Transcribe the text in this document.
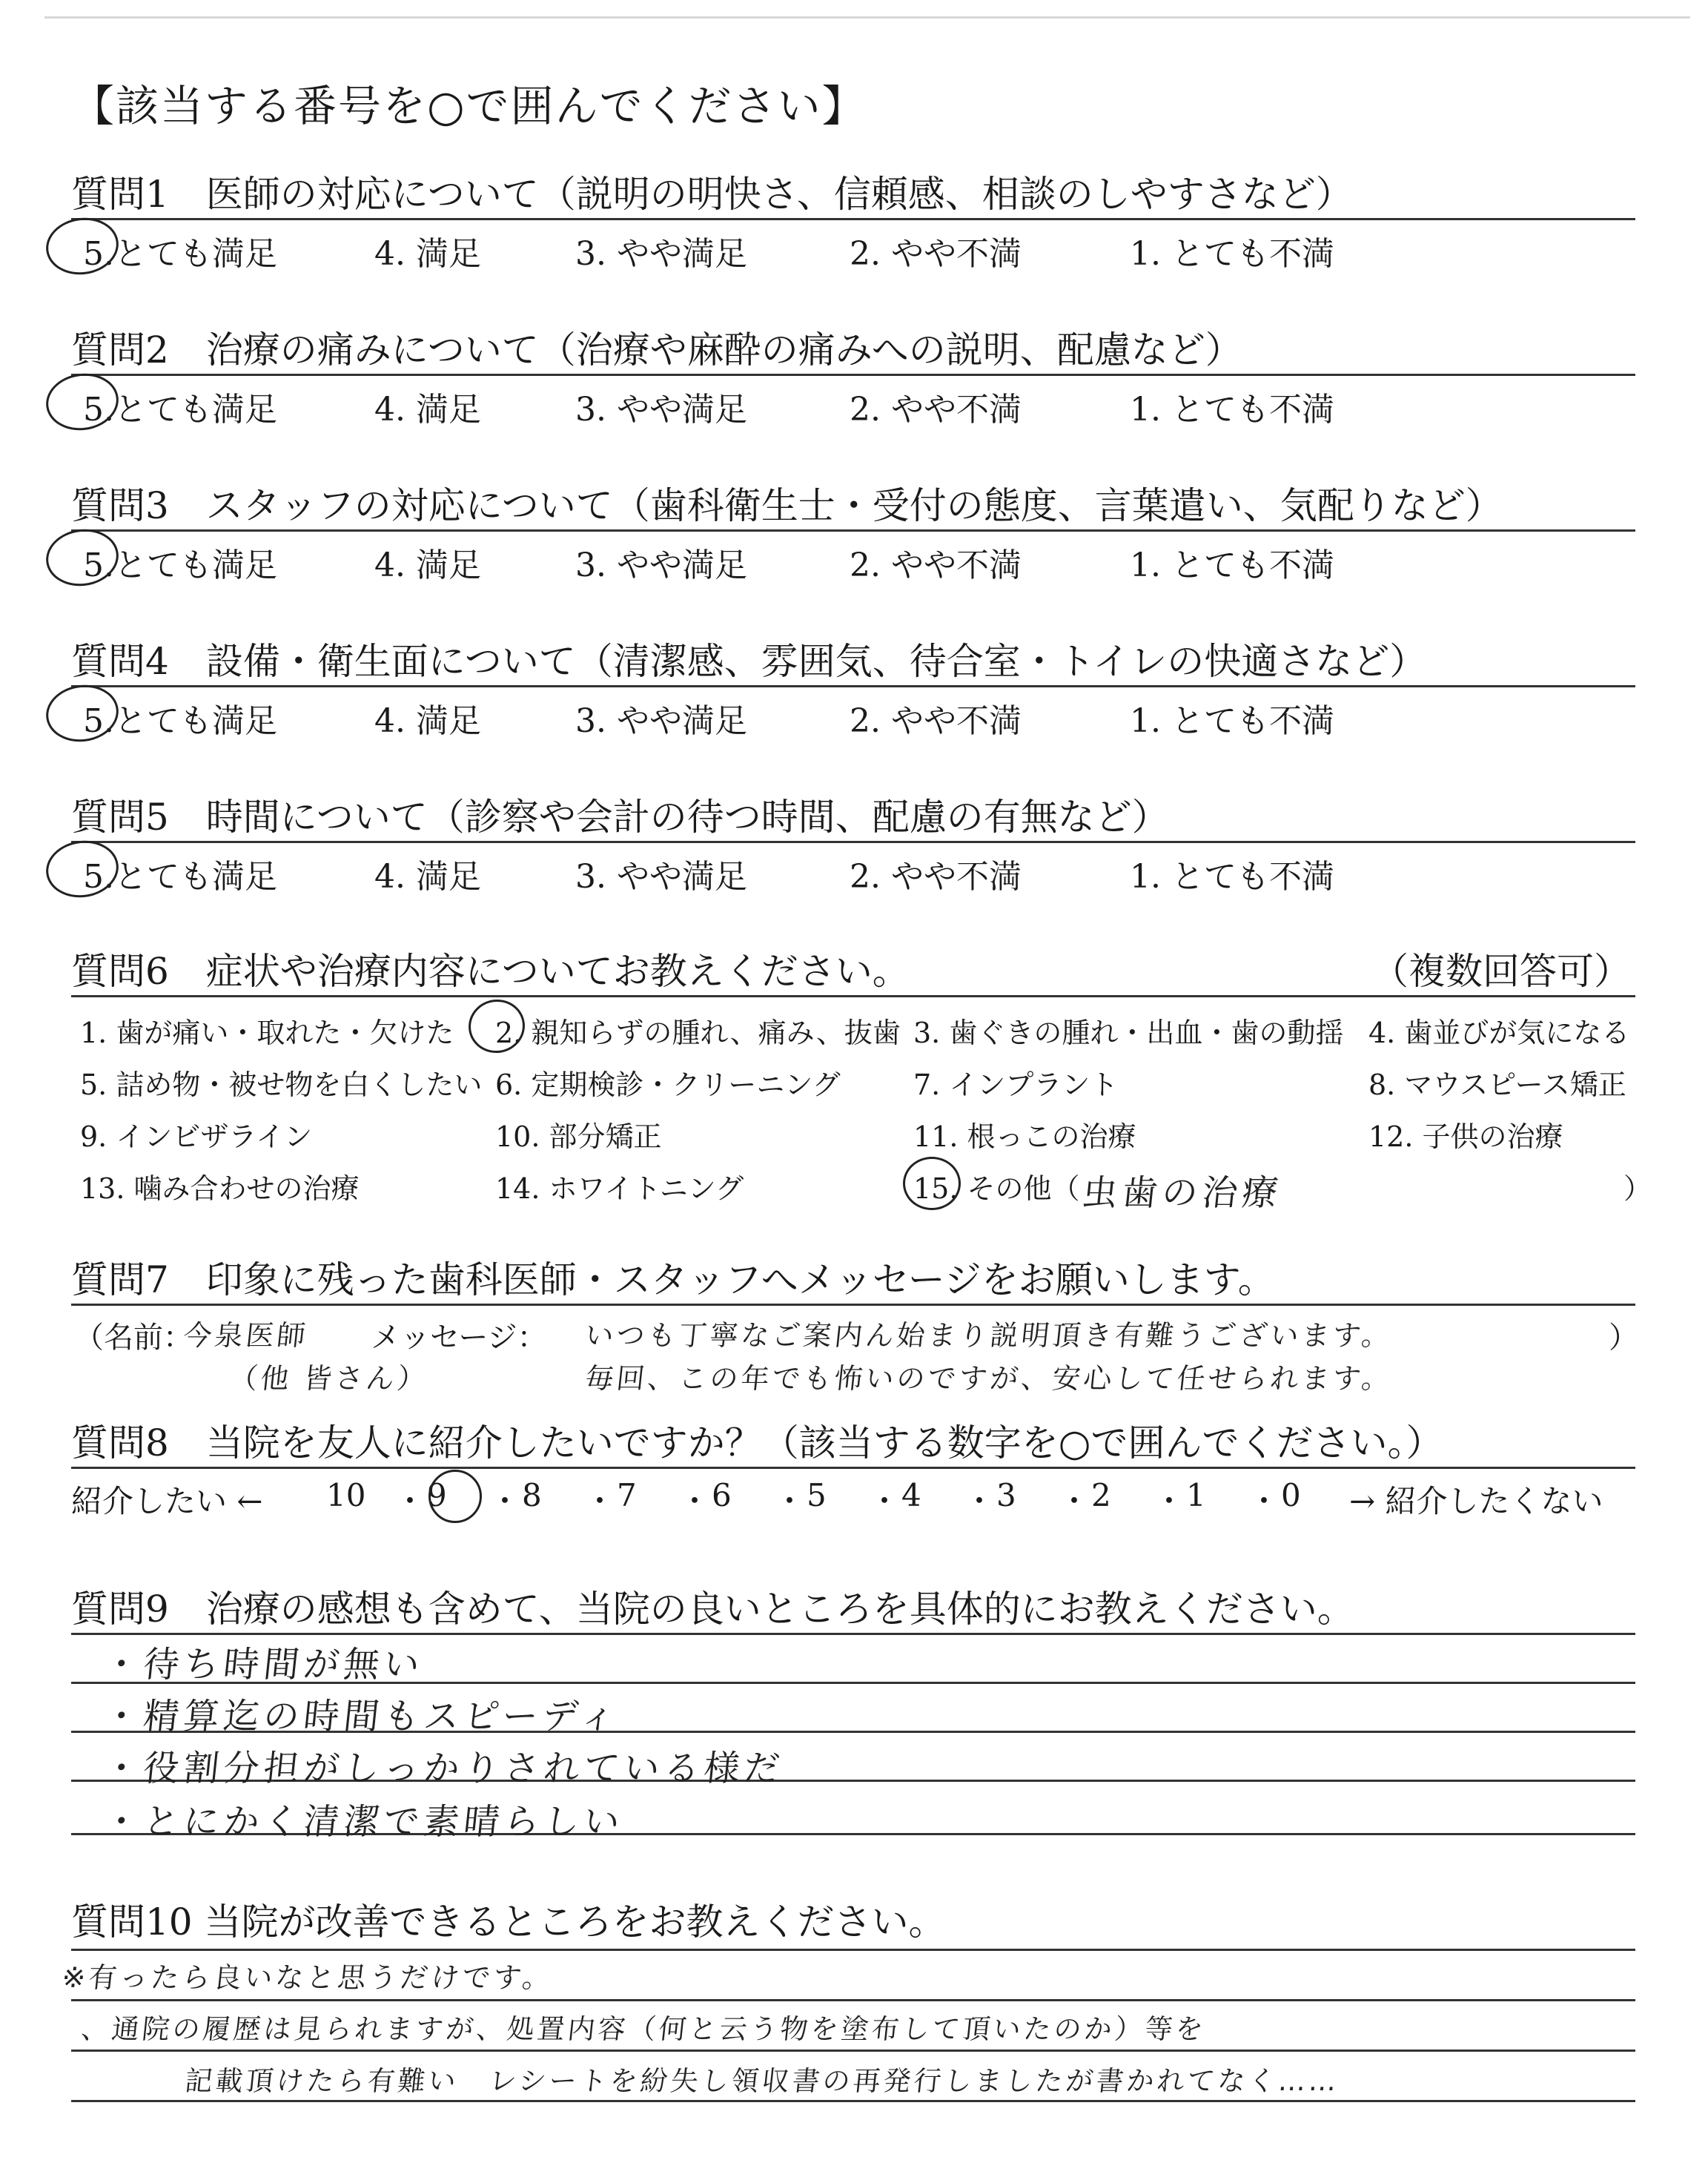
【該当する番号を○で囲んでください】
質問1　医師の対応について（説明の明快さ、信頼感、相談のしやすさなど）
5.とても満足	4. 満足	3. やや満足	2. やや不満	1. とても不満
質問2　治療の痛みについて（治療や麻酔の痛みへの説明、配慮など）
5.とても満足	4. 満足	3. やや満足	2. やや不満	1. とても不満
質問3　スタッフの対応について（歯科衛生士・受付の態度、言葉遣い、気配りなど）
5.とても満足	4. 満足	3. やや満足	2. やや不満	1. とても不満
質問4　設備・衛生面について（清潔感、雰囲気、待合室・トイレの快適さなど）
5.とても満足	4. 満足	3. やや満足	2. やや不満	1. とても不満
質問5　時間について（診察や会計の待つ時間、配慮の有無など）
5.とても満足	4. 満足	3. やや満足	2. やや不満	1. とても不満
質問6　症状や治療内容についてお教えください。	（複数回答可）
1. 歯が痛い・取れた・欠けた 2. 親知らずの腫れ、痛み、抜歯 3. 歯ぐきの腫れ・出血・歯の動揺 4. 歯並びが気になる
5. 詰め物・被せ物を白くしたい 6. 定期検診・クリーニング	7. インプラント	8. マウスピース矯正
9. インビザライン	10. 部分矯正	11. 根っこの治療	12. 子供の治療
13. 噛み合わせの治療	14. ホワイトニング	15. その他（	）
虫歯の治療
質問7　印象に残った歯科医師・スタッフへメッセージをお願いします。
（名前：
今泉医師
（他 皆さん）
メッセージ： いつも丁寧なご案内ん始まり説明頂き有難うございます。
毎回、この年でも怖いのですが、安心して任せられます。
）
質問8　当院を友人に紹介したいですか？（該当する数字を○で囲んでください。）
紹介したい ← 10 ・ 9 ・ 8 ・ 7 ・ 6 ・ 5 ・ 4 ・ 3 ・ 2 ・ 1 ・ 0 → 紹介したくない
質問9　治療の感想も含めて、当院の良いところを具体的にお教えください。
・待ち時間が無い
・精算迄の時間もスピーディ
・役割分担がしっかりされている様だ
・とにかく清潔で素晴らしい
質問10 当院が改善できるところをお教えください。
※有ったら良いなと思うだけです。
、通院の履歴は見られますが、処置内容（何と云う物を塗布して頂いたのか）等を
記載頂けたら有難い　レシートを紛失し領収書の再発行しましたが書かれてなく……
